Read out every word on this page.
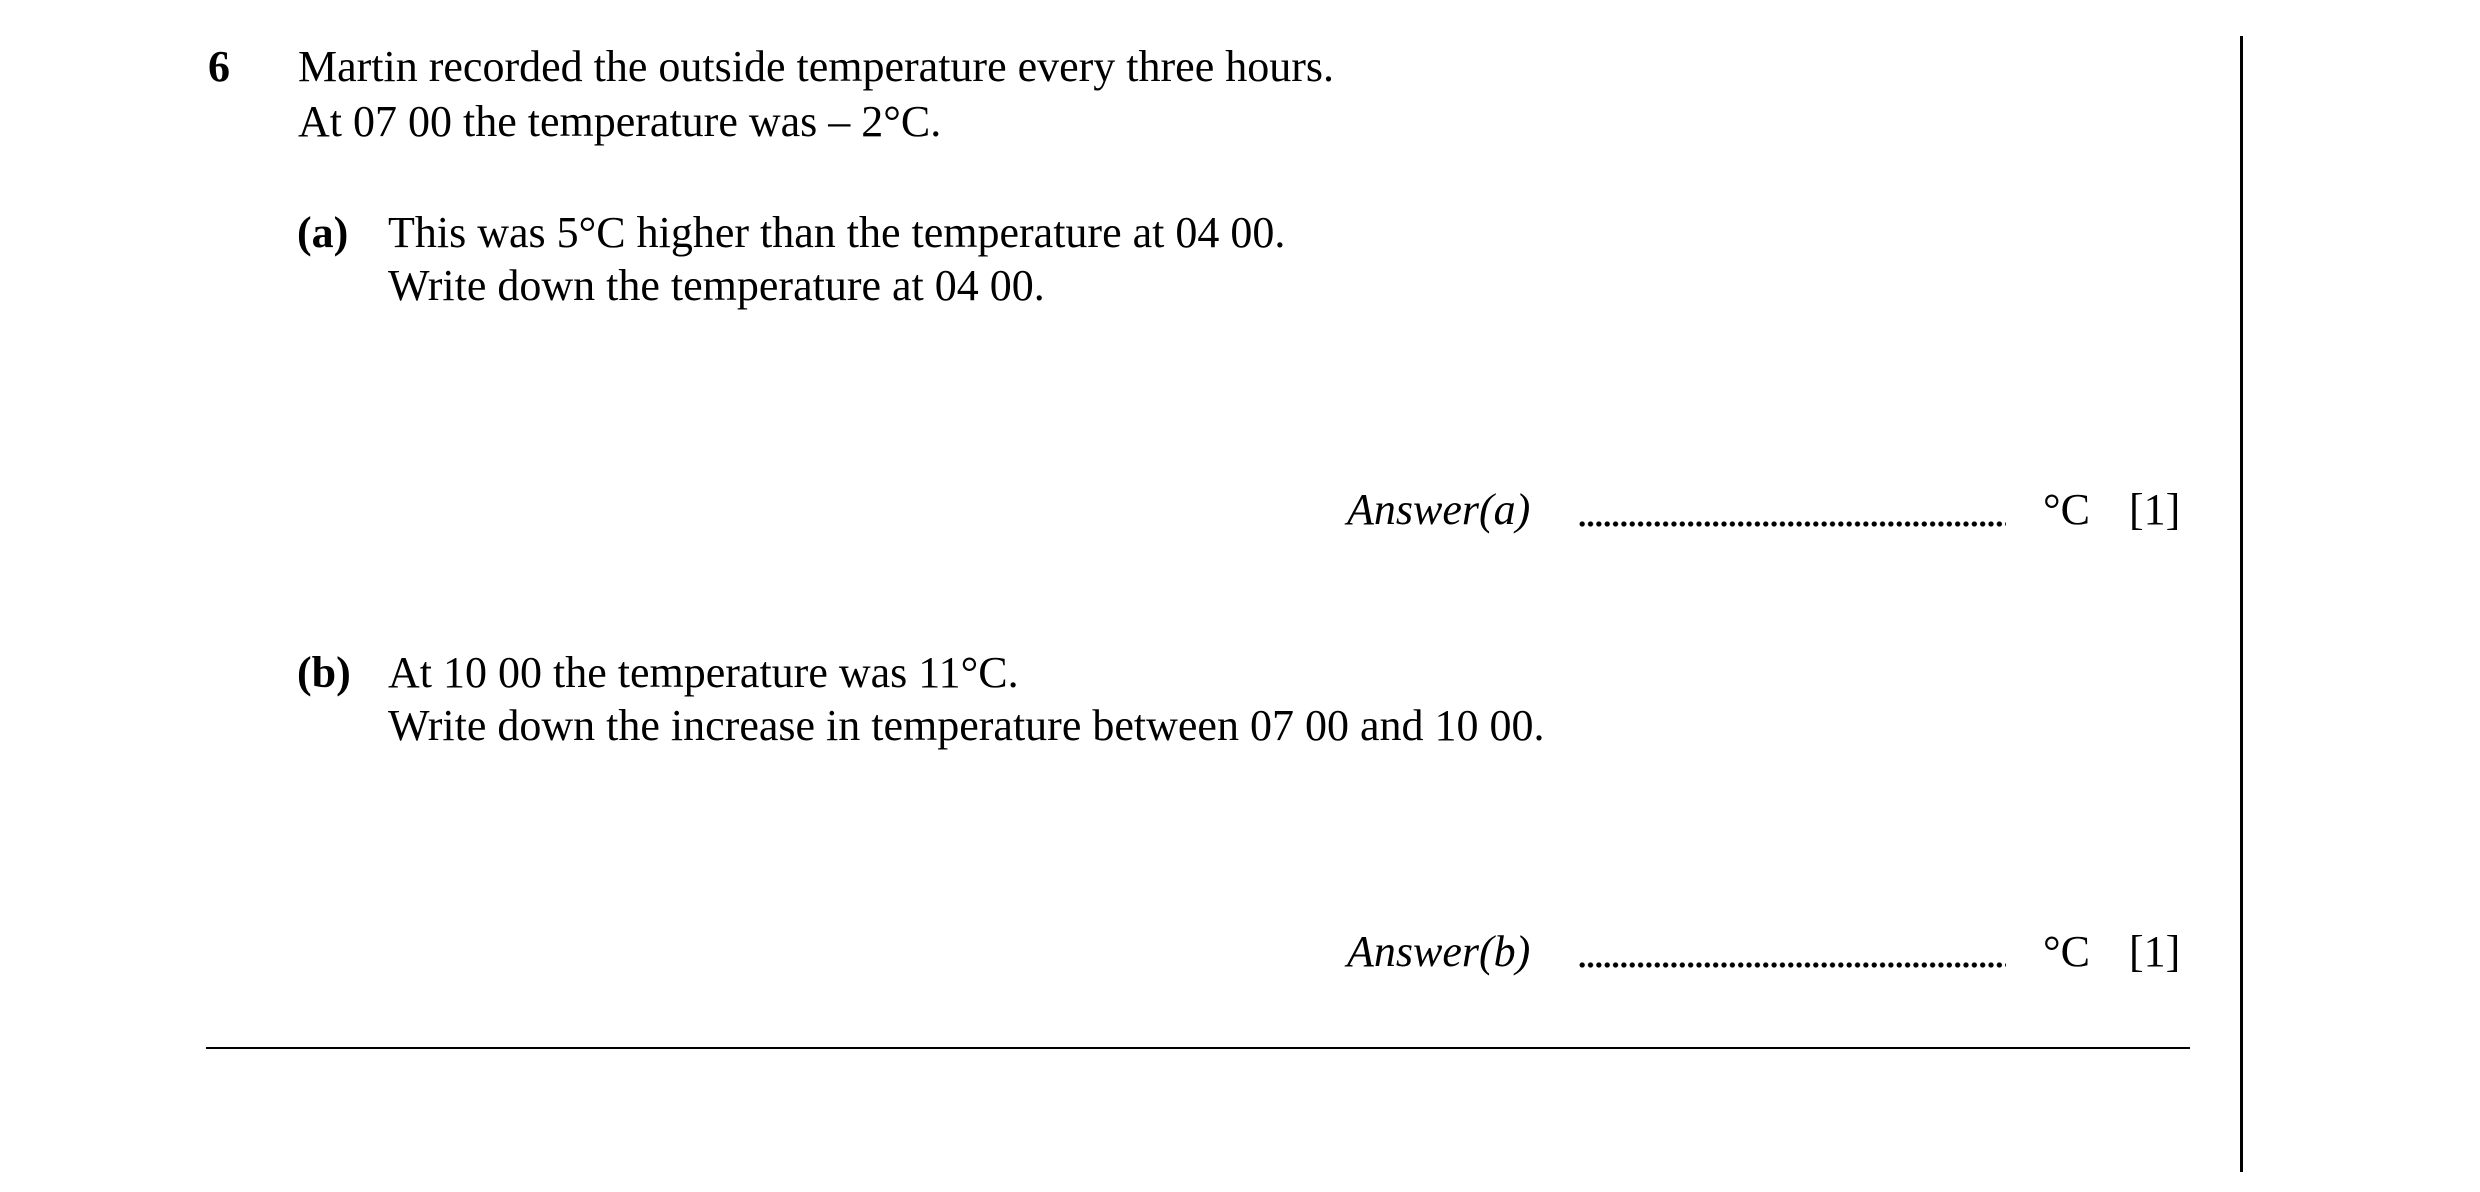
6 Martin recorded the outside temperature every three hours.
At 07 00 the temperature was – 2°C.
(a) This was 5°C higher than the temperature at 04 00.
Write down the temperature at 04 00.
Answer(a)	°C [1]
(b) At 10 00 the temperature was 11°C.
Write down the increase in temperature between 07 00 and 10 00.
Answer(b)	°C [1]
